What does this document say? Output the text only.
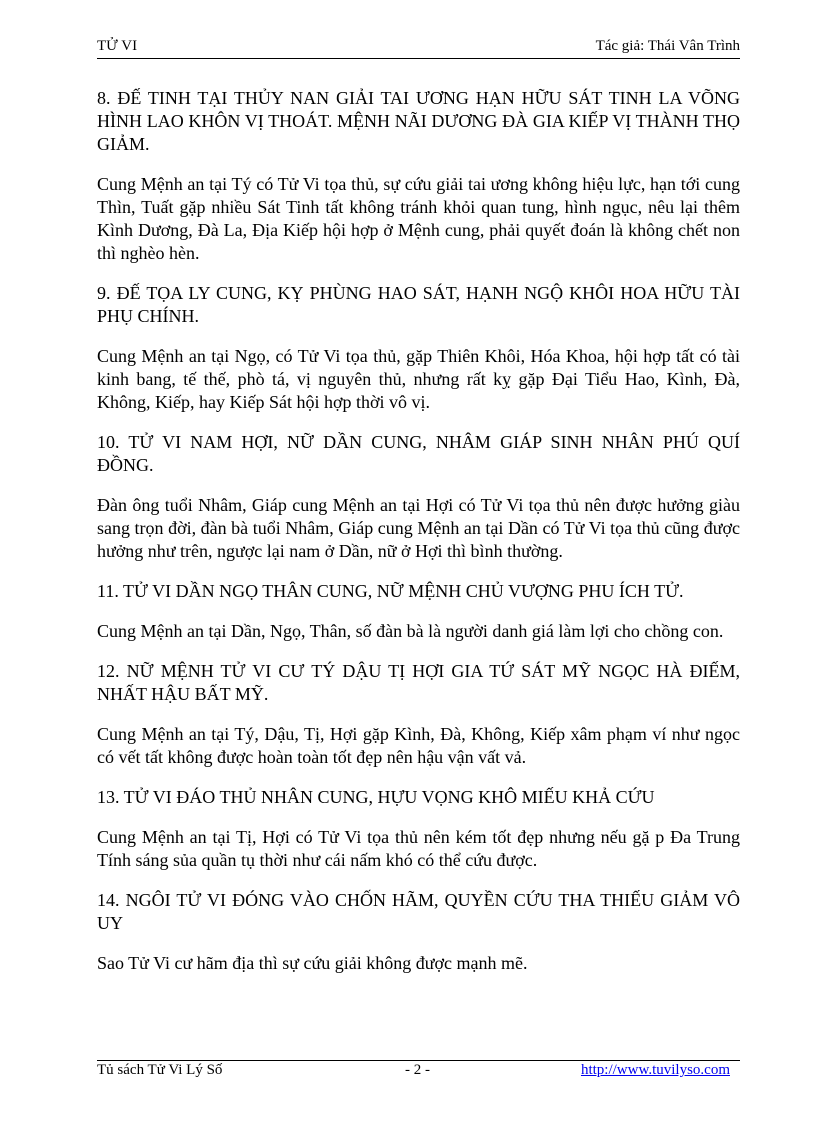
TỬ VI	Tác giả: Thái Vân Trình

8. ĐẾ TINH TẠI THỦY NAN GIẢI TAI ƯƠNG HẠN HỮU SÁT TINH LA VÕNG HÌNH LAO KHÔN VỊ THOÁT. MỆNH NÃI DƯƠNG ĐÀ GIA KIẾP VỊ THÀNH THỌ GIẢM.

Cung Mệnh an tại Tý có Tử Vi tọa thủ, sự cứu giải tai ương không hiệu lực, hạn tới cung Thìn, Tuất gặp nhiều Sát Tinh tất không tránh khỏi quan tung, hình ngục, nêu lại thêm Kình Dương, Đà La, Địa Kiếp hội hợp ở Mệnh cung, phải quyết đoán là không chết non thì nghèo hèn.

9. ĐẾ TỌA LY CUNG, KỴ PHÙNG HAO SÁT, HẠNH NGỘ KHÔI HOA HỮU TÀI PHỤ CHÍNH.

Cung Mệnh an tại Ngọ, có Tử Vi tọa thủ, gặp Thiên Khôi, Hóa Khoa, hội hợp tất có tài kinh bang, tế thế, phò tá, vị nguyên thủ, nhưng rất kỵ gặp Đại Tiểu Hao, Kình, Đà, Không, Kiếp, hay Kiếp Sát hội hợp thời vô vị.

10. TỬ VI NAM HỢI, NỮ DẦN CUNG, NHÂM GIÁP SINH NHÂN PHÚ QUÍ ĐỒNG.

Đàn ông tuổi Nhâm, Giáp cung Mệnh an tại Hợi có Tử Vi tọa thủ nên được hưởng giàu sang trọn đời, đàn bà tuổi Nhâm, Giáp cung Mệnh an tại Dần có Tử Vi tọa thủ cũng được hưởng như trên, ngược lại nam ở Dần, nữ ở Hợi thì bình thường.

11. TỬ VI DẦN NGỌ THÂN CUNG, NỮ MỆNH CHỦ VƯỢNG PHU ÍCH TỬ.

Cung Mệnh an tại Dần, Ngọ, Thân, số đàn bà là người danh giá làm lợi cho chồng con.

12. NỮ MỆNH TỬ VI CƯ TÝ DẬU TỊ HỢI GIA TỨ SÁT MỸ NGỌC HÀ ĐIẾM, NHẤT HẬU BẤT MỸ.

Cung Mệnh an tại Tý, Dậu, Tị, Hợi gặp Kình, Đà, Không, Kiếp xâm phạm ví như ngọc có vết tất không được hoàn toàn tốt đẹp nên hậu vận vất vả.

13. TỬ VI ĐÁO THỦ NHÂN CUNG, HỰU VỌNG KHÔ MIẾU KHẢ CỨU

Cung Mệnh an tại Tị, Hợi có Tử Vi tọa thủ nên kém tốt đẹp nhưng nếu gặ p Đa Trung Tính sáng sủa quần tụ thời như cái nấm khó có thể cứu được.

14. NGÔI TỬ VI ĐÓNG VÀO CHỐN HÃM, QUYỀN CỨU THA THIẾU GIẢM VÔ UY

Sao Tử Vi cư hãm địa thì sự cứu giải không được mạnh mẽ.

Tủ sách Tử Vi Lý Số	- 2 -	http://www.tuvilyso.com
